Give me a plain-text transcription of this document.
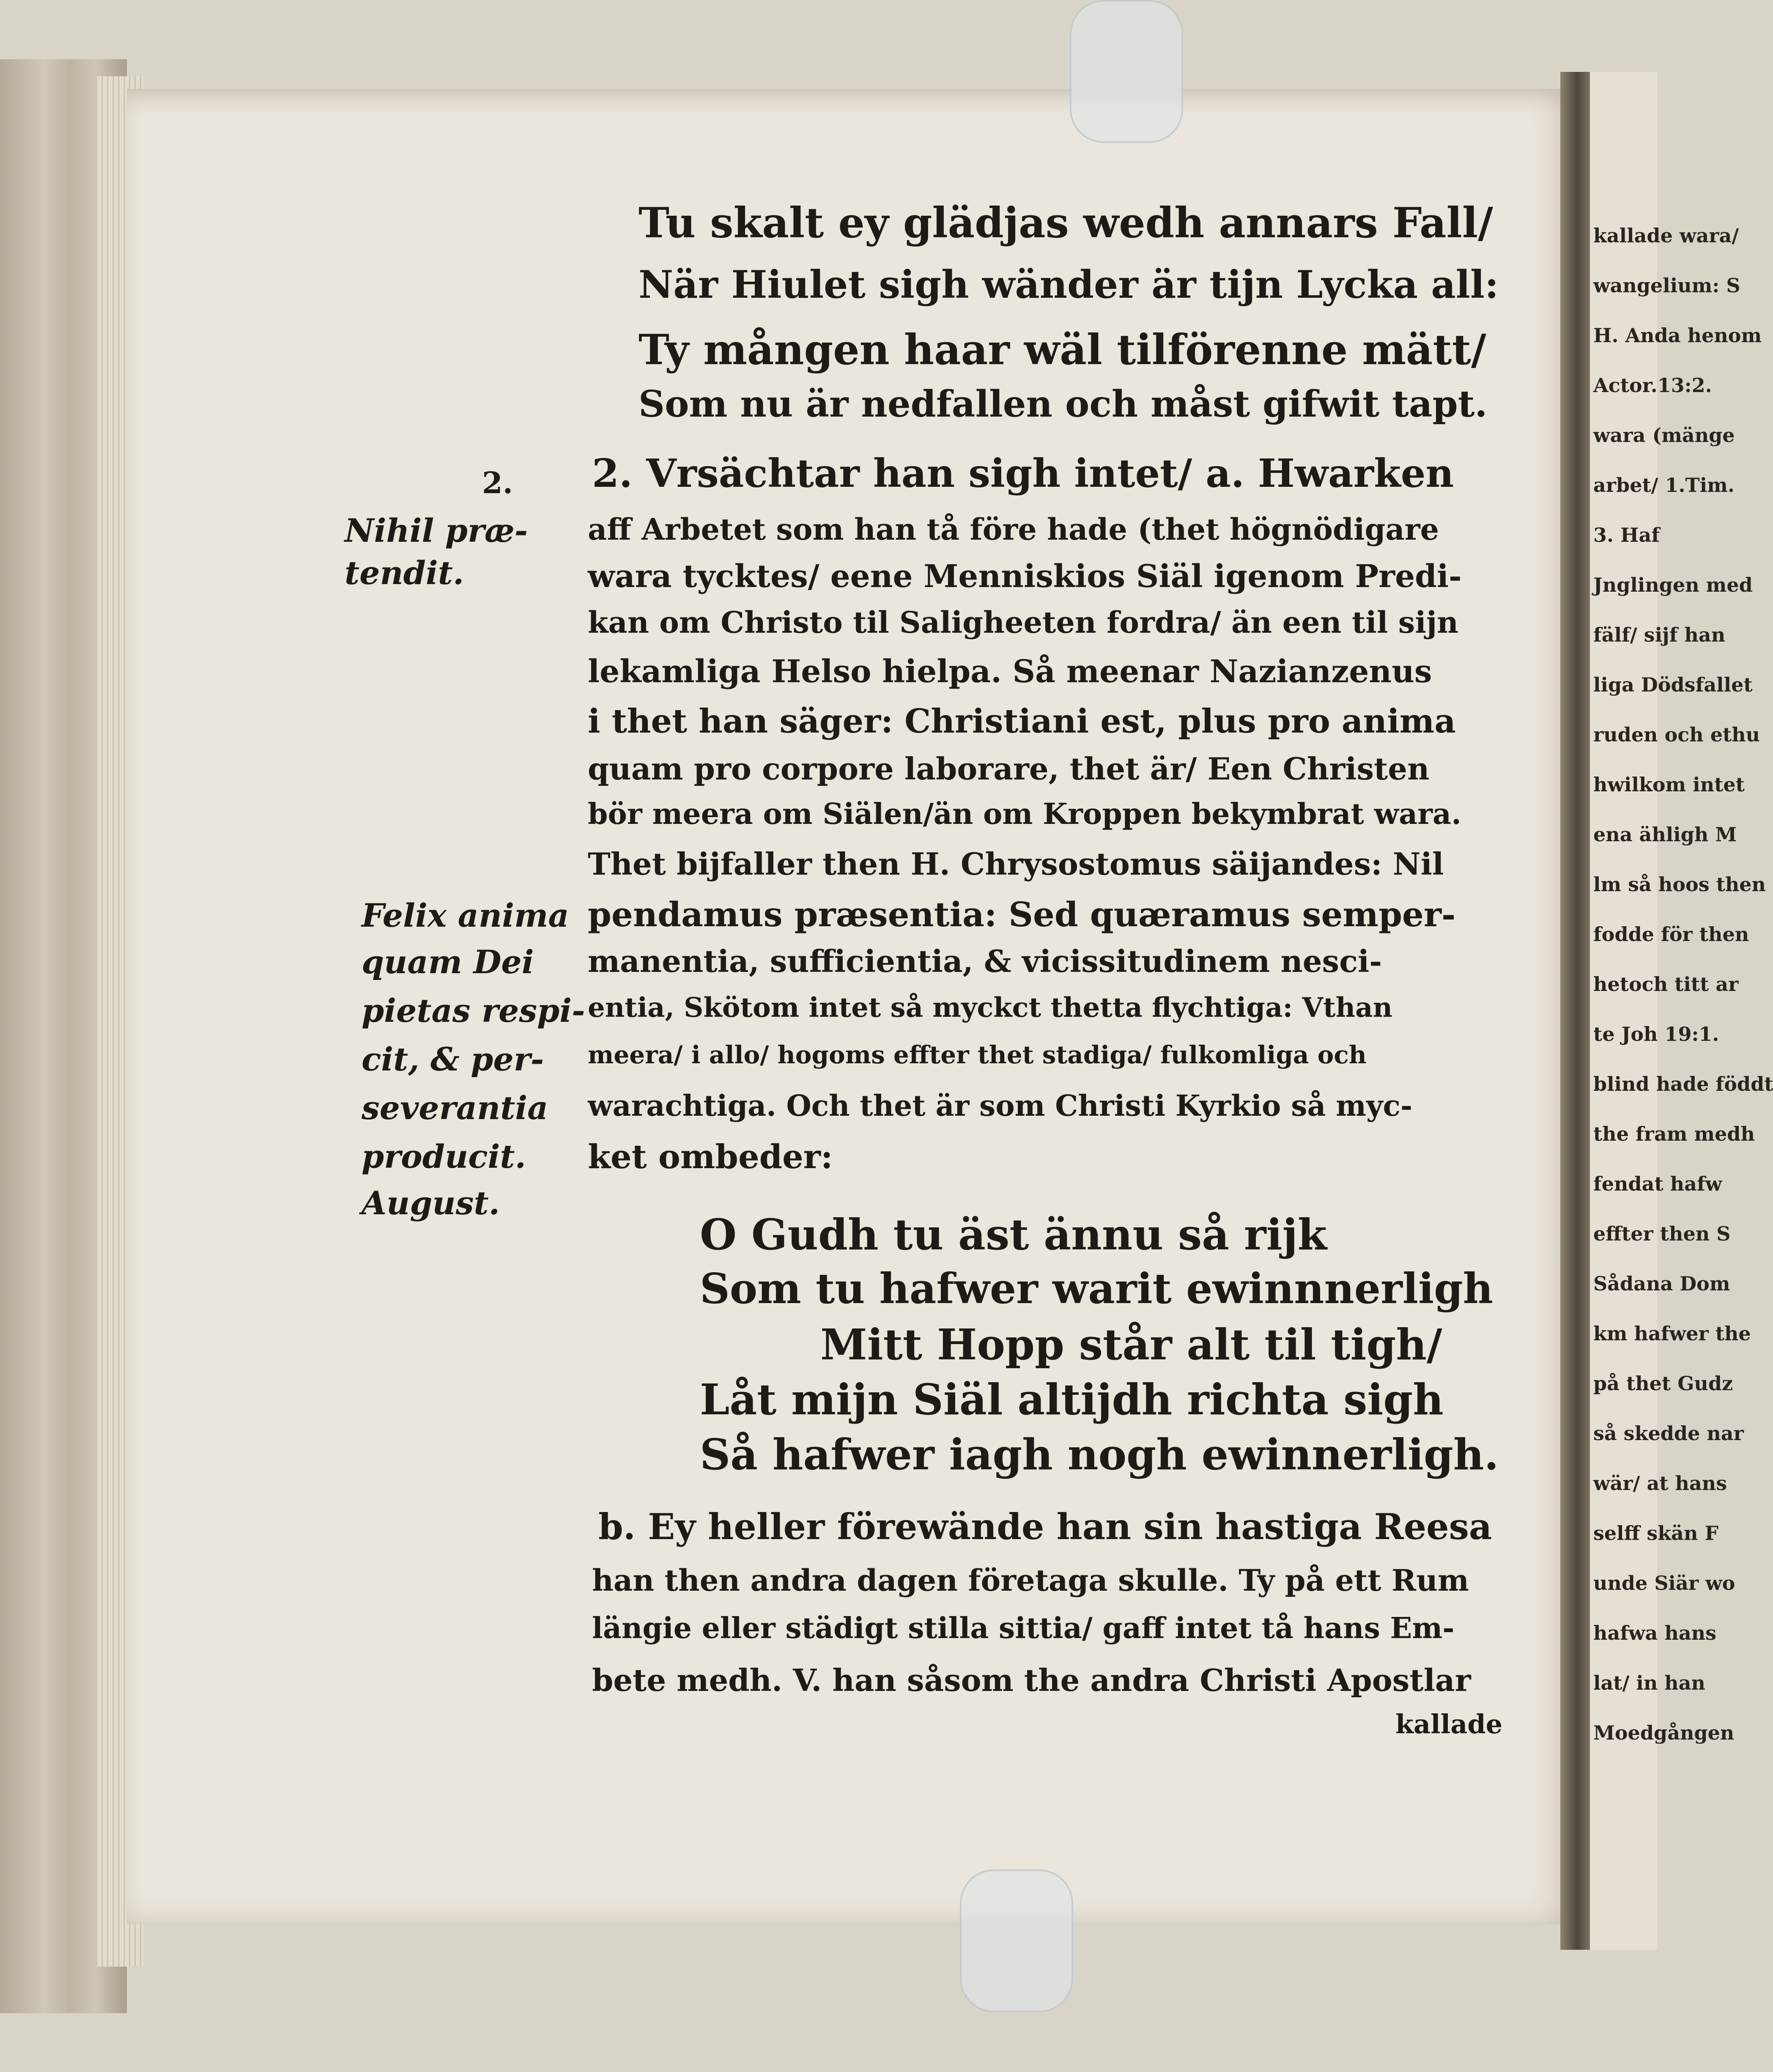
kallade wara/
wangelium: S
H. Anda henom
Actor.13:2.
wara (mänge
arbet/ 1.Tim.
3. Haf
Jnglingen med
fälf/ sijf han
liga Dödsfallet
ruden och ethu
hwilkom intet
ena ähligh M
lm så hoos then
fodde för then
hetoch titt ar
te Joh 19:1.
blind hade föddt
the fram medh
fendat hafw
effter then S
Sådana Dom
km hafwer the
på thet Gudz
så skedde nar
wär/ at hans
selff skän F
unde Siär wo
hafwa hans
lat/ in han
Moedgången
Tu skalt ey glädjas wedh annars Fall/
När Hiulet sigh wänder är tijn Lycka all:
Ty mången haar wäl tilförenne mätt/
Som nu är nedfallen och måst gifwit tapt.
2.
Nihil præ-
tendit.
Felix anima
quam Dei
pietas respi-
cit, & per-
severantia
producit.
August.
2. Vrsächtar han sigh intet/ a. Hwarken
aff Arbetet som han tå före hade (thet högnödigare
wara tycktes/ eene Menniskios Siäl igenom Predi-
kan om Christo til Saligheeten fordra/ än een til sijn
lekamliga Helso hielpa. Så meenar Nazianzenus
i thet han säger: Christiani est, plus pro anima
quam pro corpore laborare, thet är/ Een Christen
bör meera om Siälen/än om Kroppen bekymbrat wara.
Thet bijfaller then H. Chrysostomus säijandes: Nil
pendamus præsentia: Sed quæramus semper-
manentia, sufficientia, & vicissitudinem nesci-
entia, Skötom intet så myckct thetta flychtiga: Vthan
meera/ i allo/ hogoms effter thet stadiga/ fulkomliga och
warachtiga. Och thet är som Christi Kyrkio så myc-
ket ombeder:
O Gudh tu äst ännu så rijk
Som tu hafwer warit ewinnnerligh
Mitt Hopp står alt til tigh/
Låt mijn Siäl altijdh richta sigh
Så hafwer iagh nogh ewinnerligh.
b. Ey heller förewände han sin hastiga Reesa
han then andra dagen företaga skulle. Ty på ett Rum
längie eller städigt stilla sittia/ gaff intet tå hans Em-
bete medh. V. han såsom the andra Christi Apostlar
kallade
